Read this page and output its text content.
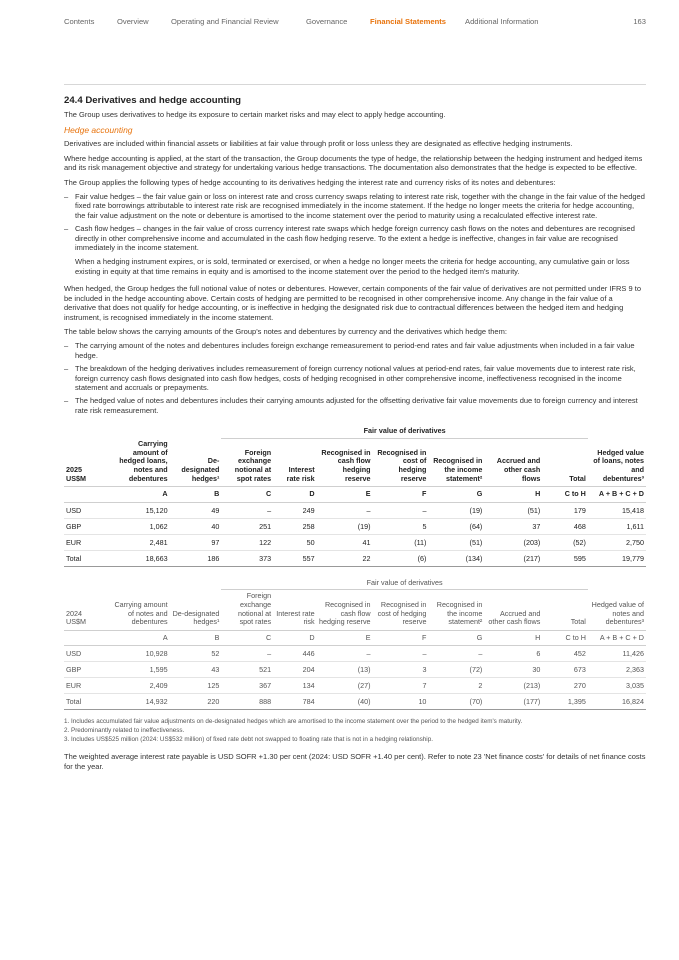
Contents	Overview	Operating and Financial Review	Governance	Financial Statements	Additional Information	163
24.4 Derivatives and hedge accounting

The Group uses derivatives to hedge its exposure to certain market risks and may elect to apply hedge accounting.

Hedge accounting

Derivatives are included within financial assets or liabilities at fair value through profit or loss unless they are designated as effective hedging instruments.

Where hedge accounting is applied, at the start of the transaction, the Group documents the type of hedge, the relationship between the hedging instrument and hedged items and its risk management objective and strategy for undertaking various hedge transactions. The documentation also demonstrates that the hedge is expected to be effective.

The Group applies the following types of hedge accounting to its derivatives hedging the interest rate and currency risks of its notes and debentures:

– Fair value hedges – the fair value gain or loss on interest rate and cross currency swaps relating to interest rate risk, together with the change in the fair value of the hedged fixed rate borrowings attributable to interest rate risk are recognised immediately in the income statement. If the hedge no longer meets the criteria for hedge accounting, the fair value adjustment on the note or debenture is amortised to the income statement over the period to maturity using a recalculated effective interest rate.
– Cash flow hedges – changes in the fair value of cross currency interest rate swaps which hedge foreign currency cash flows on the notes and debentures are recognised directly in other comprehensive income and accumulated in the cash flow hedging reserve. To the extent a hedge is ineffective, changes in fair value are recognised immediately in the income statement.

When a hedging instrument expires, or is sold, terminated or exercised, or when a hedge no longer meets the criteria for hedge accounting, any cumulative gain or loss existing in equity at that time remains in equity and is amortised to the income statement over the period to the hedged item's maturity.

When hedged, the Group hedges the full notional value of notes or debentures. However, certain components of the fair value of derivatives are not permitted under IFRS 9 to be included in the hedge accounting above. Certain costs of hedging are permitted to be recognised in other comprehensive income. Any change in the fair value of a derivative that does not qualify for hedge accounting, or is ineffective in hedging the designated risk due to contractual differences between the hedged item and hedging instrument, is recognised immediately in the income statement.

The table below shows the carrying amounts of the Group's notes and debentures by currency and the derivatives which hedge them:

– The carrying amount of the notes and debentures includes foreign exchange remeasurement to period-end rates and fair value adjustments when included in a fair value hedge.
– The breakdown of the hedging derivatives includes remeasurement of foreign currency notional values at period-end rates, fair value movements due to interest rate risk, foreign currency cash flows designated into cash flow hedges, costs of hedging recognised in other comprehensive income, ineffectiveness recognised in the income statement and accruals or prepayments.
– The hedged value of notes and debentures includes their carrying amounts adjusted for the offsetting derivative fair value movements due to foreign currency and interest rate risk remeasurement.
			Fair value of derivatives							
2025
US$M	Carrying amount of hedged loans, notes and debentures	De-designated hedges¹	Foreign exchange notional at spot rates	Interest rate risk	Recognised in cash flow hedging reserve	Recognised in cost of hedging reserve	Recognised in the income statement²	Accrued and other cash flows	Total	Hedged value of loans, notes and debentures³
	A	B	C	D	E	F	G	H	C to H	A + B + C + D
USD	15,120	49	–	249	–	–	(19)	(51)	179	15,418
GBP	1,062	40	251	258	(19)	5	(64)	37	468	1,611
EUR	2,481	97	122	50	41	(11)	(51)	(203)	(52)	2,750
Total	18,663	186	373	557	22	(6)	(134)	(217)	595	19,779
			Fair value of derivatives							
2024
US$M	Carrying amount of notes and debentures	De-designated hedges¹	Foreign exchange notional at spot rates	Interest rate risk	Recognised in cash flow hedging reserve	Recognised in cost of hedging reserve	Recognised in the income statement²	Accrued and other cash flows	Total	Hedged value of notes and debentures³
	A	B	C	D	E	F	G	H	C to H	A + B + C + D
USD	10,928	52	–	446	–	–	–	6	452	11,426
GBP	1,595	43	521	204	(13)	3	(72)	30	673	2,363
EUR	2,409	125	367	134	(27)	7	2	(213)	270	3,035
Total	14,932	220	888	784	(40)	10	(70)	(177)	1,395	16,824
1. Includes accumulated fair value adjustments on de-designated hedges which are amortised to the income statement over the period to the hedged item's maturity.
2. Predominantly related to ineffectiveness.
3. Includes US$525 million (2024: US$532 million) of fixed rate debt not swapped to floating rate that is not in a hedging relationship.

The weighted average interest rate payable is USD SOFR +1.30 per cent (2024: USD SOFR +1.40 per cent). Refer to note 23 'Net finance costs' for details of net finance costs for the year.
